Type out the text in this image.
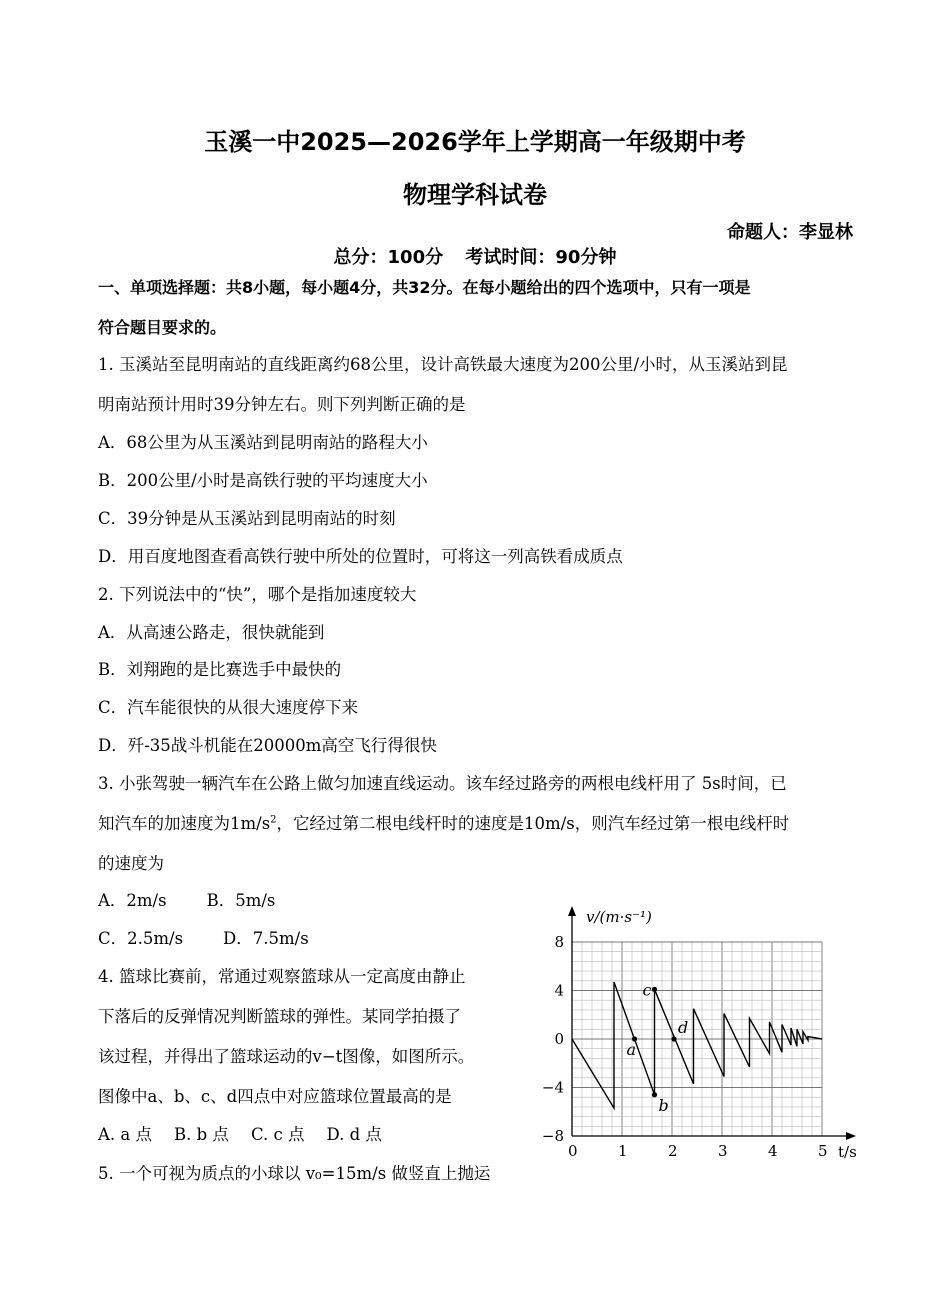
玉溪一中2025—2026学年上学期高一年级期中考
物理学科试卷
命题人：李显林
总分：100分 考试时间：90分钟
一、单项选择题：共8小题，每小题4分，共32分。在每小题给出的四个选项中，只有一项是
符合题目要求的。
1. 玉溪站至昆明南站的直线距离约68公里，设计高铁最大速度为200公里/小时，从玉溪站到昆
明南站预计用时39分钟左右。则下列判断正确的是
A．68公里为从玉溪站到昆明南站的路程大小
B．200公里/小时是高铁行驶的平均速度大小
C．39分钟是从玉溪站到昆明南站的时刻
D．用百度地图查看高铁行驶中所处的位置时，可将这一列高铁看成质点
2. 下列说法中的“快”，哪个是指加速度较大
A．从高速公路走，很快就能到
B．刘翔跑的是比赛选手中最快的
C．汽车能很快的从很大速度停下来
D．歼-35战斗机能在20000m高空飞行得很快
3. 小张驾驶一辆汽车在公路上做匀加速直线运动。该车经过路旁的两根电线杆用了 5s时间，已
知汽车的加速度为$1m/s^2$，它经过第二根电线杆时的速度是10m/s，则汽车经过第一根电线杆时
的速度为
A．2m/s B．5m/s
C．2.5m/s D．7.5m/s
4. 篮球比赛前，常通过观察篮球从一定高度由静止
下落后的反弹情况判断篮球的弹性。某同学拍摄了
该过程，并得出了篮球运动的v−t图像，如图所示。
图像中a、b、c、d四点中对应篮球位置最高的是
A. a 点 B. b 点 C. c 点 D. d 点
5. 一个可视为质点的小球以 v₀=15m/s 做竖直上抛运
0	1	2	3	4	5
8
4
0
−4
−8
a
b
c
d
v/(m·s⁻¹)
t/s
